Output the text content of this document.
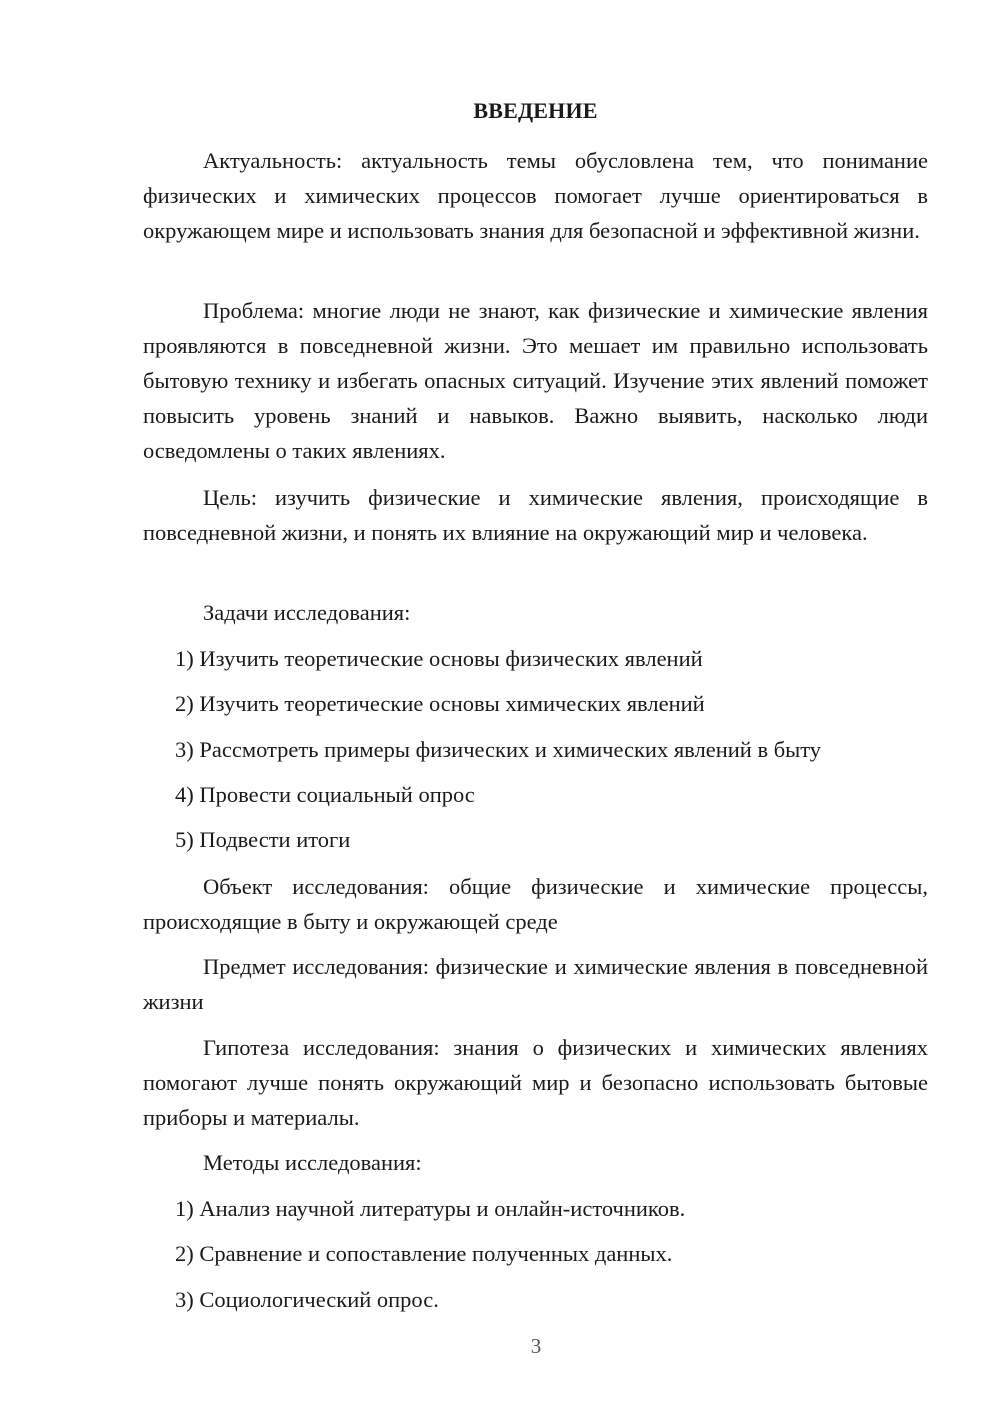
ВВЕДЕНИЕ

Актуальность: актуальность темы обусловлена тем, что понимание физических и химических процессов помогает лучше ориентироваться в окружающем мире и использовать знания для безопасной и эффективной жизни.

Проблема: многие люди не знают, как физические и химические явления проявляются в повседневной жизни. Это мешает им правильно использовать бытовую технику и избегать опасных ситуаций. Изучение этих явлений поможет повысить уровень знаний и навыков. Важно выявить, насколько люди осведомлены о таких явлениях.

Цель: изучить физические и химические явления, происходящие в повседневной жизни, и понять их влияние на окружающий мир и человека.

Задачи исследования:

1) Изучить теоретические основы физических явлений

2) Изучить теоретические основы химических явлений

3) Рассмотреть примеры физических и химических явлений в быту

4) Провести социальный опрос

5) Подвести итоги

Объект исследования: общие физические и химические процессы, происходящие в быту и окружающей среде

Предмет исследования: физические и химические явления в повседневной жизни

Гипотеза исследования: знания о физических и химических явлениях помогают лучше понять окружающий мир и безопасно использовать бытовые приборы и материалы.

Методы исследования:

1) Анализ научной литературы и онлайн-источников.

2) Сравнение и сопоставление полученных данных.

3) Социологический опрос.

3
